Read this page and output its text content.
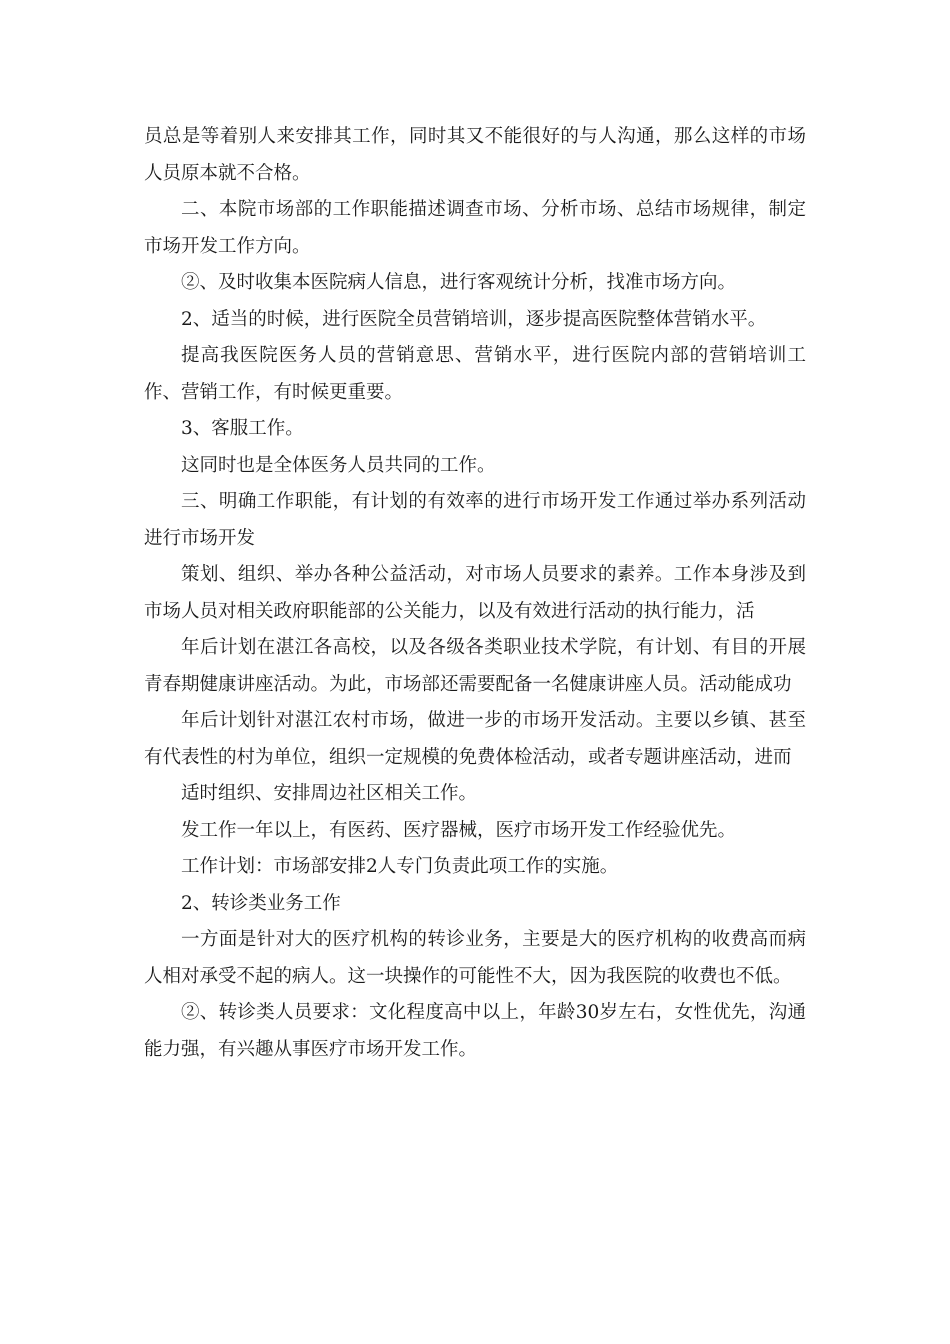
员总是等着别人来安排其工作，同时其又不能很好的与人沟通，那么这样的市场人员原本就不合格。

二、本院市场部的工作职能描述调查市场、分析市场、总结市场规律，制定市场开发工作方向。

②、及时收集本医院病人信息，进行客观统计分析，找准市场方向。

2、适当的时候，进行医院全员营销培训，逐步提高医院整体营销水平。

提高我医院医务人员的营销意思、营销水平，进行医院内部的营销培训工作、营销工作，有时候更重要。

3、客服工作。

这同时也是全体医务人员共同的工作。

三、明确工作职能，有计划的有效率的进行市场开发工作通过举办系列活动进行市场开发

策划、组织、举办各种公益活动，对市场人员要求的素养。工作本身涉及到市场人员对相关政府职能部的公关能力，以及有效进行活动的执行能力，活

年后计划在湛江各高校，以及各级各类职业技术学院，有计划、有目的开展青春期健康讲座活动。为此，市场部还需要配备一名健康讲座人员。活动能成功

年后计划针对湛江农村市场，做进一步的市场开发活动。主要以乡镇、甚至有代表性的村为单位，组织一定规模的免费体检活动，或者专题讲座活动，进而

适时组织、安排周边社区相关工作。

发工作一年以上，有医药、医疗器械，医疗市场开发工作经验优先。

工作计划：市场部安排2人专门负责此项工作的实施。

2、转诊类业务工作

一方面是针对大的医疗机构的转诊业务，主要是大的医疗机构的收费高而病人相对承受不起的病人。这一块操作的可能性不大，因为我医院的收费也不低。

②、转诊类人员要求：文化程度高中以上，年龄30岁左右，女性优先，沟通能力强，有兴趣从事医疗市场开发工作。
